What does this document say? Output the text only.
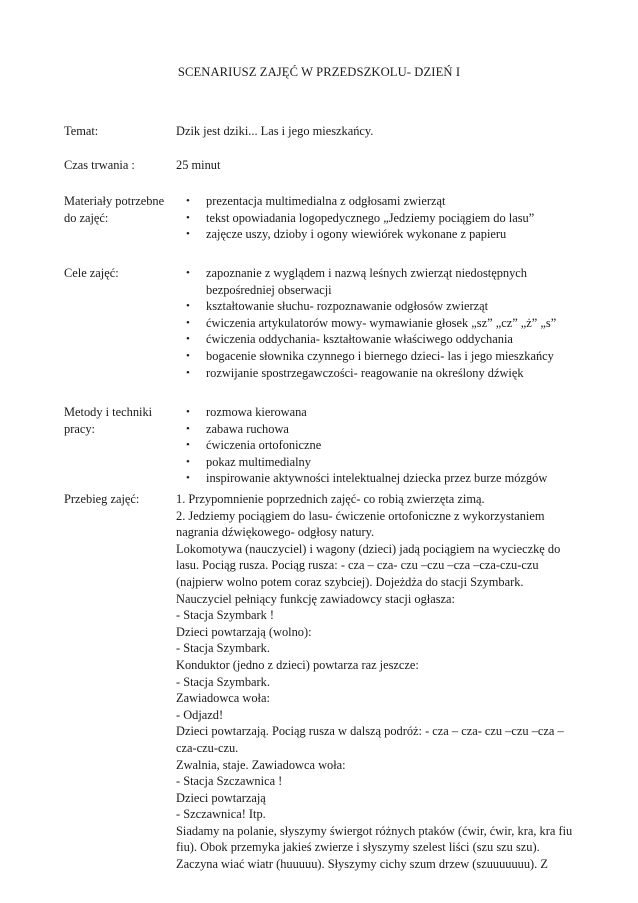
SCENARIUSZ ZAJĘĆ W PRZEDSZKOLU- DZIEŃ I
Temat:	Dzik jest dziki... Las i jego mieszkańcy.
Czas trwania :	25 minut
Materiały potrzebne do zajęć:
• prezentacja multimedialna z odgłosami zwierząt
• tekst opowiadania logopedycznego „Jedziemy pociągiem do lasu”
• zajęcze uszy, dzioby i ogony wiewiórek wykonane z papieru
Cele zajęć:	• zapoznanie z wyglądem i nazwą leśnych zwierząt niedostępnych bezpośredniej obserwacji
• kształtowanie słuchu- rozpoznawanie odgłosów zwierząt
• ćwiczenia artykulatorów mowy- wymawianie głosek „sz” „cz” „ż” „s”
• ćwiczenia oddychania- kształtowanie właściwego oddychania
• bogacenie słownika czynnego i biernego dzieci- las i jego mieszkańcy
• rozwijanie spostrzegawczości- reagowanie na określony dźwięk
Metody i techniki pracy:
• rozmowa kierowana
• zabawa ruchowa
• ćwiczenia ortofoniczne
• pokaz multimedialny
• inspirowanie aktywności intelektualnej dziecka przez burze mózgów
Przebieg zajęć:	1. Przypomnienie poprzednich zajęć- co robią zwierzęta zimą.

2. Jedziemy pociągiem do lasu- ćwiczenie ortofoniczne z wykorzystaniem nagrania dźwiękowego- odgłosy natury.

Lokomotywa (nauczyciel) i wagony (dzieci) jadą pociągiem na wycieczkę do lasu. Pociąg rusza. Pociąg rusza: - cza – cza- czu –czu –cza –cza-czu-czu (najpierw wolno potem coraz szybciej). Dojeżdża do stacji Szymbark.

Nauczyciel pełniący funkcję zawiadowcy stacji ogłasza:

- Stacja Szymbark !

Dzieci powtarzają (wolno):

- Stacja Szymbark.

Konduktor (jedno z dzieci) powtarza raz jeszcze:

- Stacja Szymbark.

Zawiadowca woła:

- Odjazd!

Dzieci powtarzają. Pociąg rusza w dalszą podróż: - cza – cza- czu –czu –cza –cza-czu-czu.

Zwalnia, staje. Zawiadowca woła:

- Stacja Szczawnica !

Dzieci powtarzają

- Szczawnica! Itp.

Siadamy na polanie, słyszymy świergot różnych ptaków (ćwir, ćwir, kra, kra fiu fiu). Obok przemyka jakieś zwierze i słyszymy szelest liści (szu szu szu). Zaczyna wiać wiatr (huuuuu). Słyszymy cichy szum drzew (szuuuuuuu). Z
